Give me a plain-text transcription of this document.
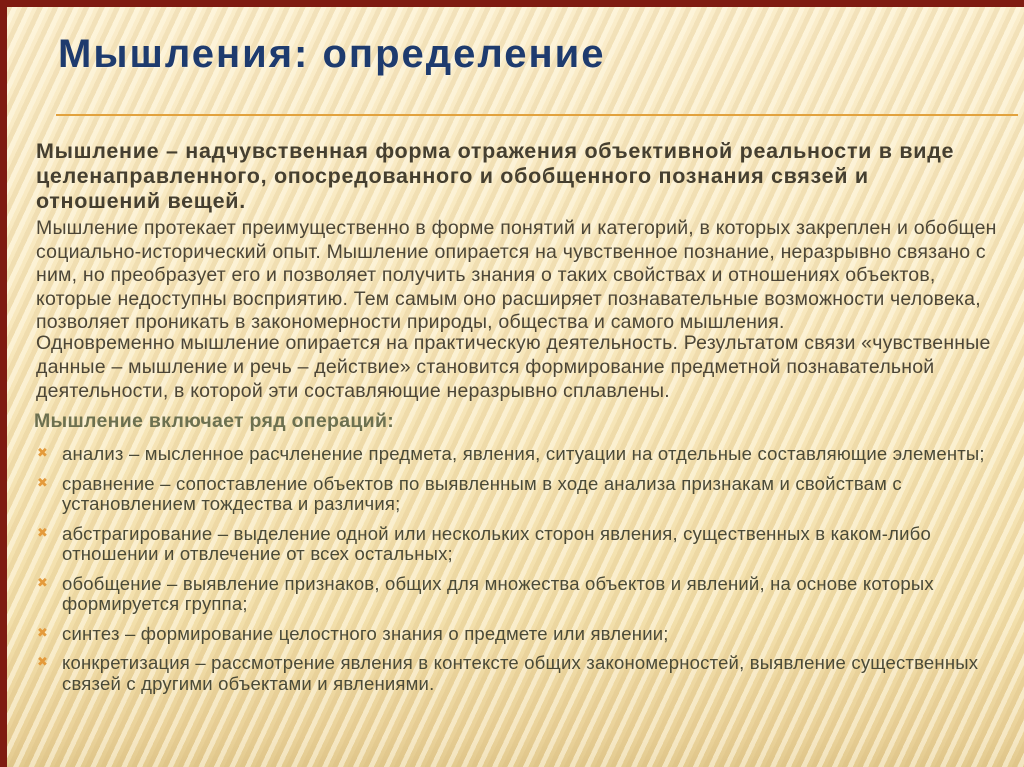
Мышления: определение
Мышление – надчувственная форма отражения объективной реальности в виде
целенаправленного, опосредованного и обобщенного познания связей и
отношений вещей.
Мышление протекает преимущественно в форме понятий и категорий, в которых закреплен и обобщен
социально-исторический опыт. Мышление опирается на чувственное познание, неразрывно связано с
ним, но преобразует его и позволяет получить знания о таких свойствах и отношениях объектов,
которые недоступны восприятию. Тем самым оно расширяет познавательные возможности человека,
позволяет проникать в закономерности природы, общества и самого мышления.
Одновременно мышление опирается на практическую деятельность. Результатом связи «чувственные
данные – мышление и речь – действие» становится формирование предметной познавательной
деятельности, в которой эти составляющие неразрывно сплавлены.
Мышление включает ряд операций:
✖ анализ – мысленное расчленение предмета, явления, ситуации на отдельные составляющие элементы;
✖ сравнение – сопоставление объектов по выявленным в ходе анализа признакам и свойствам с
установлением тождества и различия;
✖ абстрагирование – выделение одной или нескольких сторон явления, существенных в каком-либо
отношении и отвлечение от всех остальных;
✖ обобщение – выявление признаков, общих для множества объектов и явлений, на основе которых
формируется группа;
✖ синтез – формирование целостного знания о предмете или явлении;
✖ конкретизация – рассмотрение явления в контексте общих закономерностей, выявление существенных
связей с другими объектами и явлениями.
